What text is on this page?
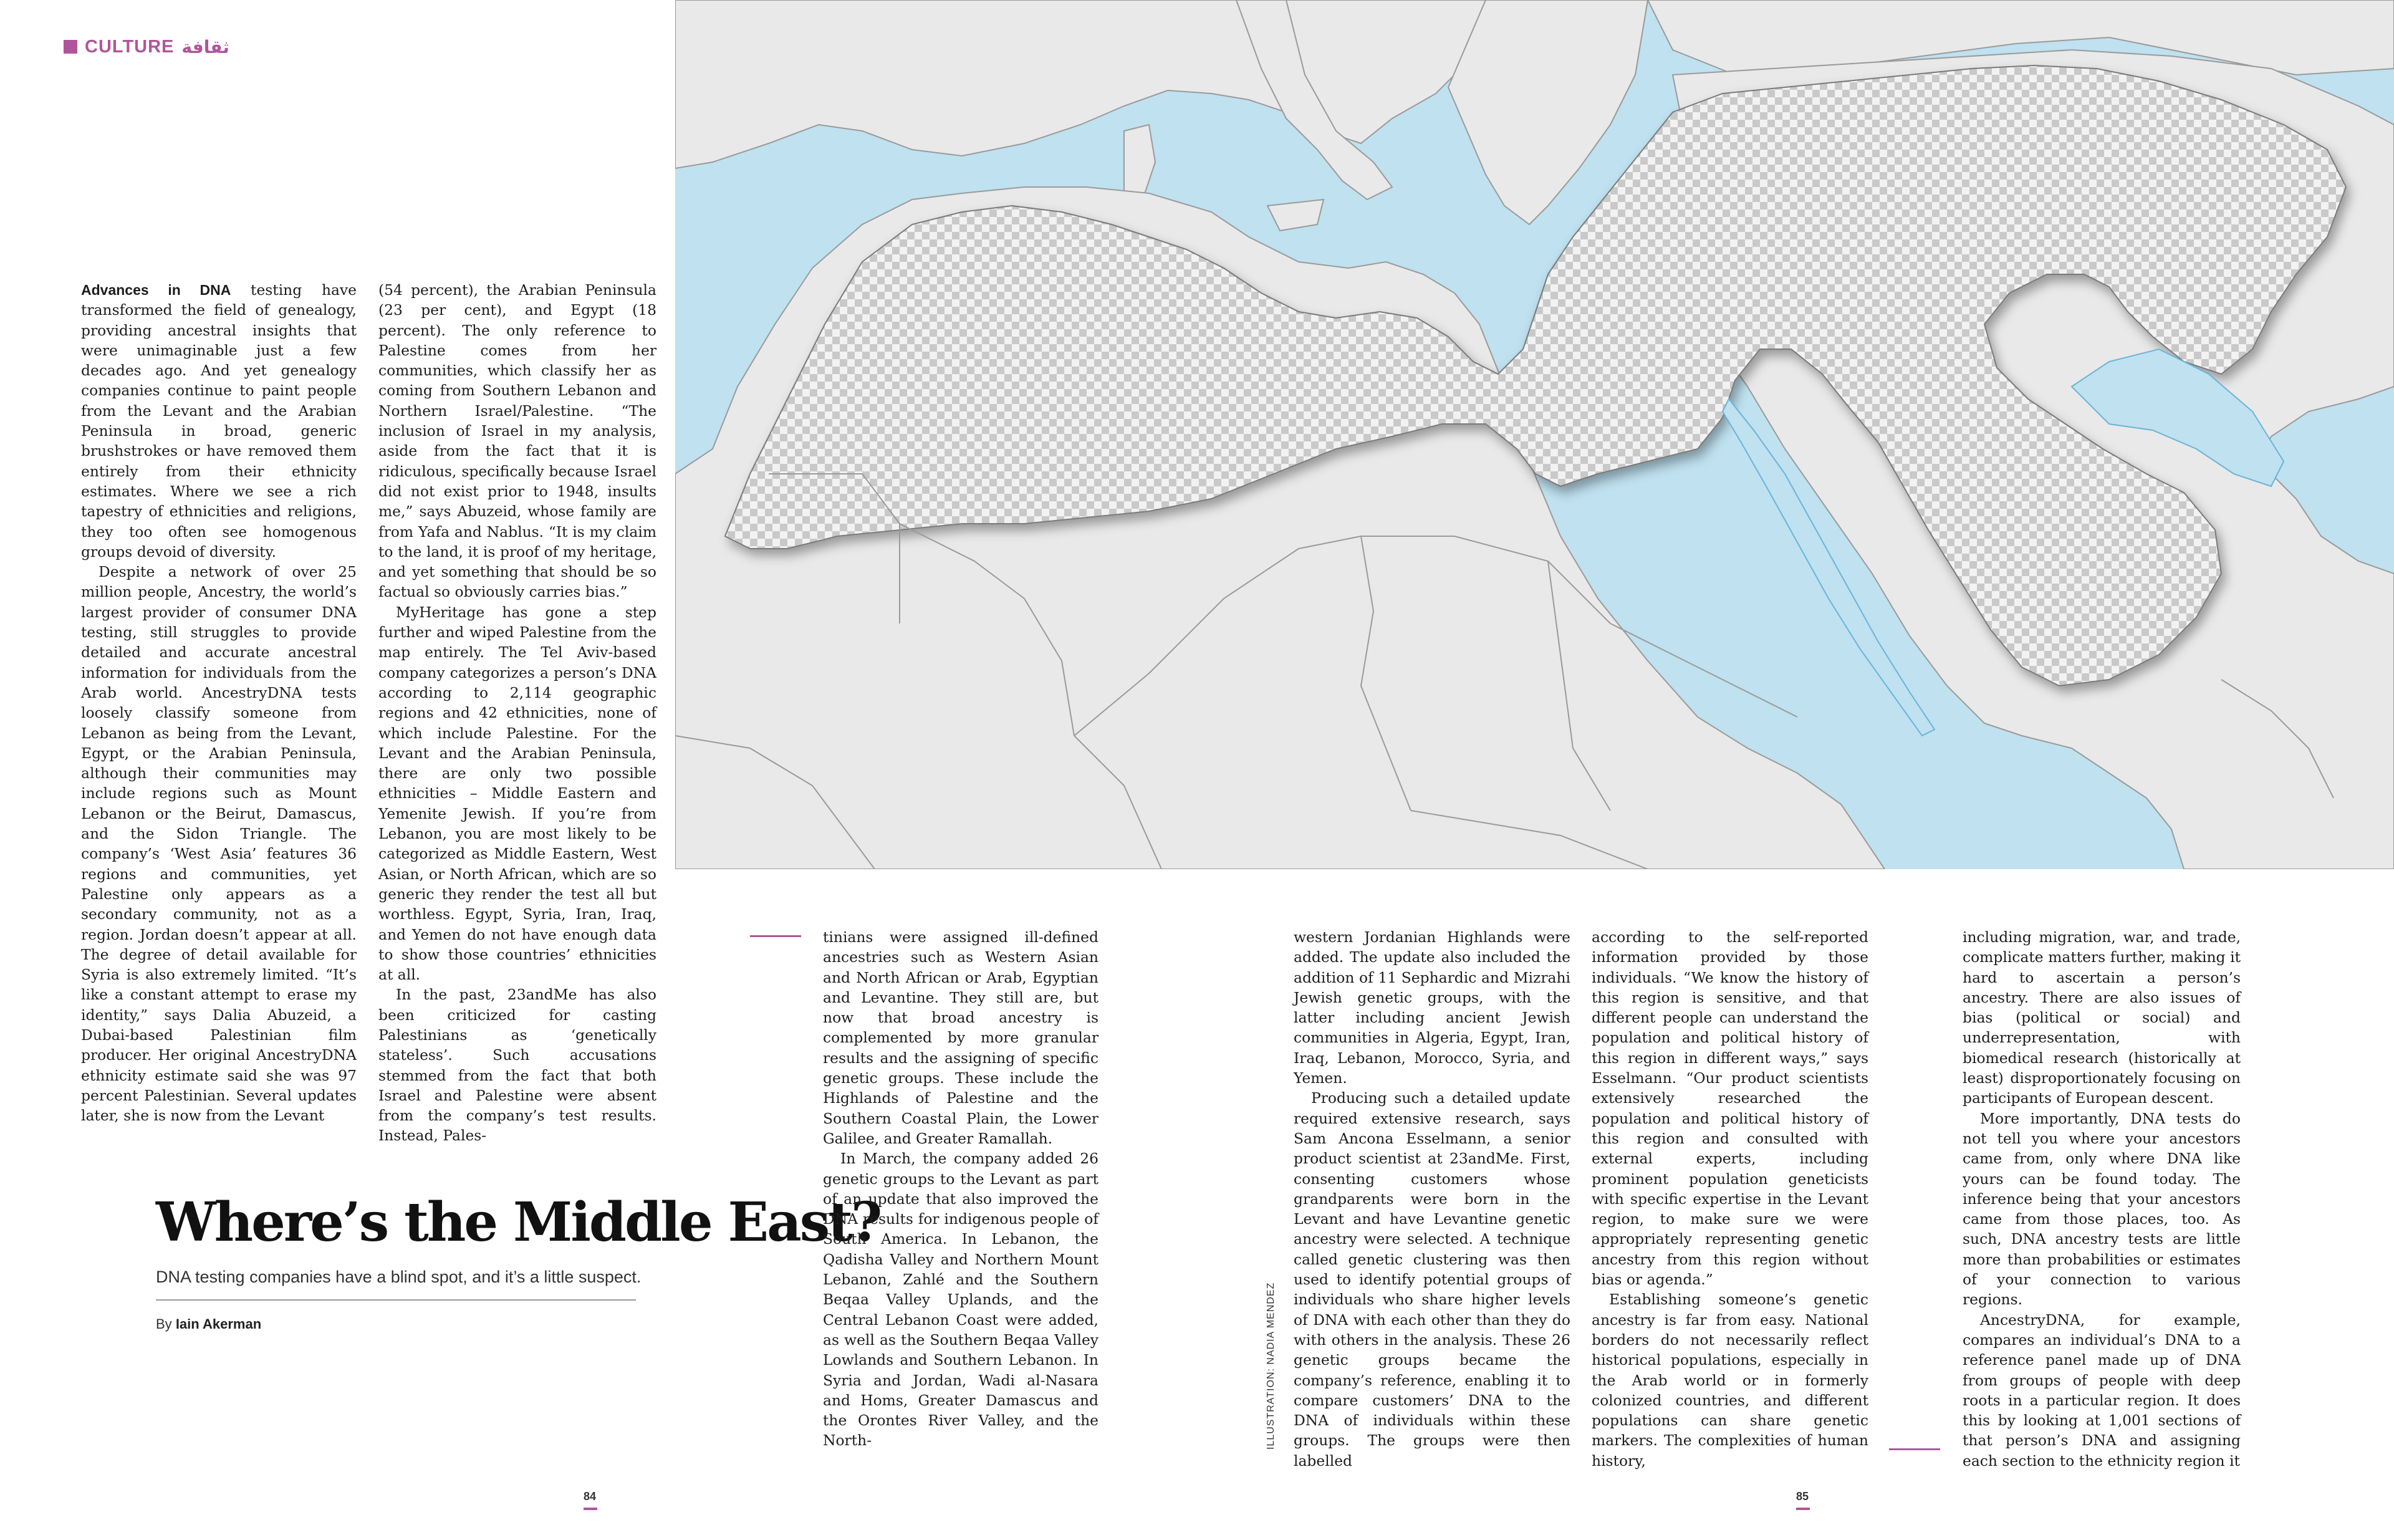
CULTURE ثقافة

Advances in DNA testing have transformed the field of genealogy, providing ancestral insights that were unimaginable just a few decades ago. And yet genealogy companies continue to paint people from the Levant and the Arabian Peninsula in broad, generic brushstrokes or have removed them entirely from their ethnicity estimates. Where we see a rich tapestry of ethnicities and religions, they too often see homogenous groups devoid of diversity.

Despite a network of over 25 million people, Ancestry, the world’s largest provider of consumer DNA testing, still struggles to provide detailed and accurate ancestral information for individuals from the Arab world. AncestryDNA tests loosely classify someone from Lebanon as being from the Levant, Egypt, or the Arabian Peninsula, although their communities may include regions such as Mount Lebanon or the Beirut, Damascus, and the Sidon Triangle. The company’s ‘West Asia’ features 36 regions and communities, yet Palestine only appears as a secondary community, not as a region. Jordan doesn’t appear at all. The degree of detail available for Syria is also extremely limited. “It’s like a constant attempt to erase my identity,” says Dalia Abuzeid, a Dubai-based Palestinian film producer. Her original AncestryDNA ethnicity estimate said she was 97 percent Palestinian. Several updates later, she is now from the Levant

(54 percent), the Arabian Peninsula (23 per cent), and Egypt (18 percent). The only reference to Palestine comes from her communities, which classify her as coming from Southern Lebanon and Northern Israel/Palestine. “The inclusion of Israel in my analysis, aside from the fact that it is ridiculous, specifically because Israel did not exist prior to 1948, insults me,” says Abuzeid, whose family are from Yafa and Nablus. “It is my claim to the land, it is proof of my heritage, and yet something that should be so factual so obviously carries bias.”

MyHeritage has gone a step further and wiped Palestine from the map entirely. The Tel Aviv-based company categorizes a person’s DNA according to 2,114 geographic regions and 42 ethnicities, none of which include Palestine. For the Levant and the Arabian Peninsula, there are only two possible ethnicities – Middle Eastern and Yemenite Jewish. If you’re from Lebanon, you are most likely to be categorized as Middle Eastern, West Asian, or North African, which are so generic they render the test all but worthless. Egypt, Syria, Iran, Iraq, and Yemen do not have enough data to show those countries’ ethnicities at all.

In the past, 23andMe has also been criticized for casting Palestinians as ‘genetically stateless’. Such accusations stemmed from the fact that both Israel and Palestine were absent from the company’s test results. Instead, Pales-

Where’s the Middle East?
DNA testing companies have a blind spot, and it’s a little suspect.
By Iain Akerman

tinians were assigned ill-defined ancestries such as Western Asian and North African or Arab, Egyptian and Levantine. They still are, but now that broad ancestry is complemented by more granular results and the assigning of specific genetic groups. These include the Highlands of Palestine and the Southern Coastal Plain, the Lower Galilee, and Greater Ramallah.

In March, the company added 26 genetic groups to the Levant as part of an update that also improved the DNA results for indigenous people of South America. In Lebanon, the Qadisha Valley and Northern Mount Lebanon, Zahlé and the Southern Beqaa Valley Uplands, and the Central Lebanon Coast were added, as well as the Southern Beqaa Valley Lowlands and Southern Lebanon. In Syria and Jordan, Wadi al-Nasara and Homs, Greater Damascus and the Orontes River Valley, and the North-	ILLUSTRATION: NADIA MENDEZ

western Jordanian Highlands were added. The update also included the addition of 11 Sephardic and Mizrahi Jewish genetic groups, with the latter including ancient Jewish communities in Algeria, Egypt, Iran, Iraq, Lebanon, Morocco, Syria, and Yemen.

Producing such a detailed update required extensive research, says Sam Ancona Esselmann, a senior product scientist at 23andMe. First, consenting customers whose grandparents were born in the Levant and have Levantine genetic ancestry were selected. A technique called genetic clustering was then used to identify potential groups of individuals who share higher levels of DNA with each other than they do with others in the analysis. These 26 genetic groups became the company’s reference, enabling it to compare customers’ DNA to the DNA of individuals within these groups. The groups were then labelled

according to the self-reported information provided by those individuals. “We know the history of this region is sensitive, and that different people can understand the population and political history of this region in different ways,” says Esselmann. “Our product scientists extensively researched the population and political history of this region and consulted with external experts, including prominent population geneticists with specific expertise in the Levant region, to make sure we were appropriately representing genetic ancestry from this region without bias or agenda.”

Establishing someone’s genetic ancestry is far from easy. National borders do not necessarily reflect historical populations, especially in the Arab world or in formerly colonized countries, and different populations can share genetic markers. The complexities of human history,

including migration, war, and trade, complicate matters further, making it hard to ascertain a person’s ancestry. There are also issues of bias (political or social) and underrepresentation, with biomedical research (historically at least) disproportionately focusing on participants of European descent.

More importantly, DNA tests do not tell you where your ancestors came from, only where DNA like yours can be found today. The inference being that your ancestors came from those places, too. As such, DNA ancestry tests are little more than probabilities or estimates of your connection to various regions.

AncestryDNA, for example, compares an individual’s DNA to a reference panel made up of DNA from groups of people with deep roots in a particular region. It does this by looking at 1,001 sections of that person’s DNA and assigning each section to the ethnicity region it

84	85
